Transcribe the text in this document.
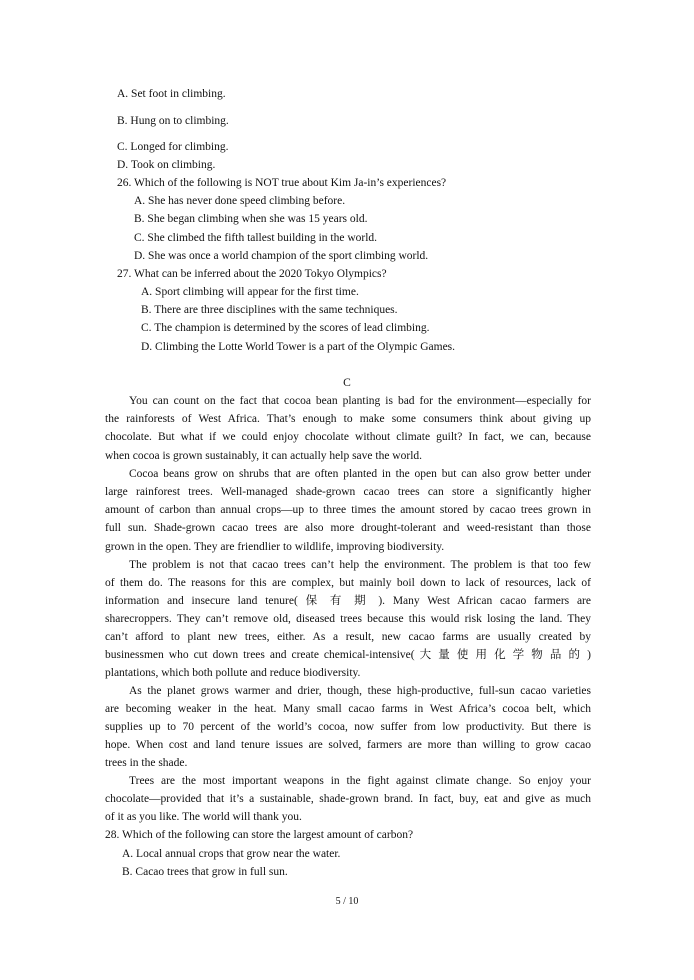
A. Set foot in climbing.
B. Hung on to climbing.
C. Longed for climbing.
D. Took on climbing.
26. Which of the following is NOT true about Kim Ja-in’s experiences?
A. She has never done speed climbing before.
B. She began climbing when she was 15 years old.
C. She climbed the fifth tallest building in the world.
D. She was once a world champion of the sport climbing world.
27. What can be inferred about the 2020 Tokyo Olympics?
A. Sport climbing will appear for the first time.
B. There are three disciplines with the same techniques.
C. The champion is determined by the scores of lead climbing.
D. Climbing the Lotte World Tower is a part of the Olympic Games.
C
You can count on the fact that cocoa bean planting is bad for the environment—especially for
the rainforests of West Africa. That’s enough to make some consumers think about giving up
chocolate. But what if we could enjoy chocolate without climate guilt? In fact, we can, because
when cocoa is grown sustainably, it can actually help save the world.
Cocoa beans grow on shrubs that are often planted in the open but can also grow better under
large rainforest trees. Well-managed shade-grown cacao trees can store a significantly higher
amount of carbon than annual crops—up to three times the amount stored by cacao trees grown in
full sun. Shade-grown cacao trees are also more drought-tolerant and weed-resistant than those
grown in the open. They are friendlier to wildlife, improving biodiversity.
The problem is not that cacao trees can’t help the environment. The problem is that too few
of them do. The reasons for this are complex, but mainly boil down to lack of resources, lack of
information and insecure land tenure( 保 有 期 ). Many West African cacao farmers are
sharecroppers. They can’t remove old, diseased trees because this would risk losing the land. They
can’t afford to plant new trees, either. As a result, new cacao farms are usually created by
businessmen who cut down trees and create chemical-intensive( 大 量 使 用 化 学 物 品 的 )
plantations, which both pollute and reduce biodiversity.
As the planet grows warmer and drier, though, these high-productive, full-sun cacao varieties
are becoming weaker in the heat. Many small cacao farms in West Africa’s cocoa belt, which
supplies up to 70 percent of the world’s cocoa, now suffer from low productivity. But there is
hope. When cost and land tenure issues are solved, farmers are more than willing to grow cacao
trees in the shade.
Trees are the most important weapons in the fight against climate change. So enjoy your
chocolate—provided that it’s a sustainable, shade-grown brand. In fact, buy, eat and give as much
of it as you like. The world will thank you.
28. Which of the following can store the largest amount of carbon?
A. Local annual crops that grow near the water.
B. Cacao trees that grow in full sun.
5 / 10
